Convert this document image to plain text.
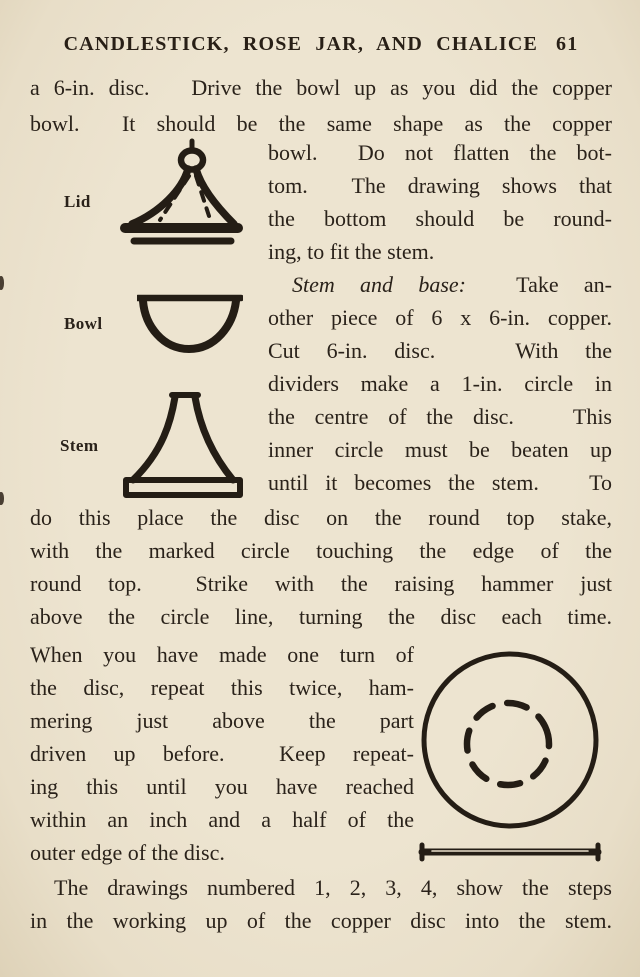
CANDLESTICK, ROSE JAR, AND CHALICE 61
a 6-in. disc.   Drive the bowl up as you did the copper
bowl.  It should be the same shape as the copper
Lid
Bowl
Stem
bowl.  Do not flatten the bot-
tom.  The drawing shows that
the bottom should be round-
ing, to fit the stem.
Stem and base:  Take an-
other piece of 6 x 6-in. copper.
Cut 6-in. disc.   With the
dividers make a 1-in. circle in
the centre of the disc.   This
inner circle must be beaten up
until it becomes the stem.   To
do this place the disc on the round top stake,
with the marked circle touching the edge of the
round top.  Strike with the raising hammer just
above the circle line, turning the disc each time.
When you have made one turn of
the disc, repeat this twice, ham-
mering just above the part
driven up before.  Keep repeat-
ing this until you have reached
within an inch and a half of the
outer edge of the disc.
The drawings numbered 1, 2, 3, 4, show the steps
in the working up of the copper disc into the stem.
